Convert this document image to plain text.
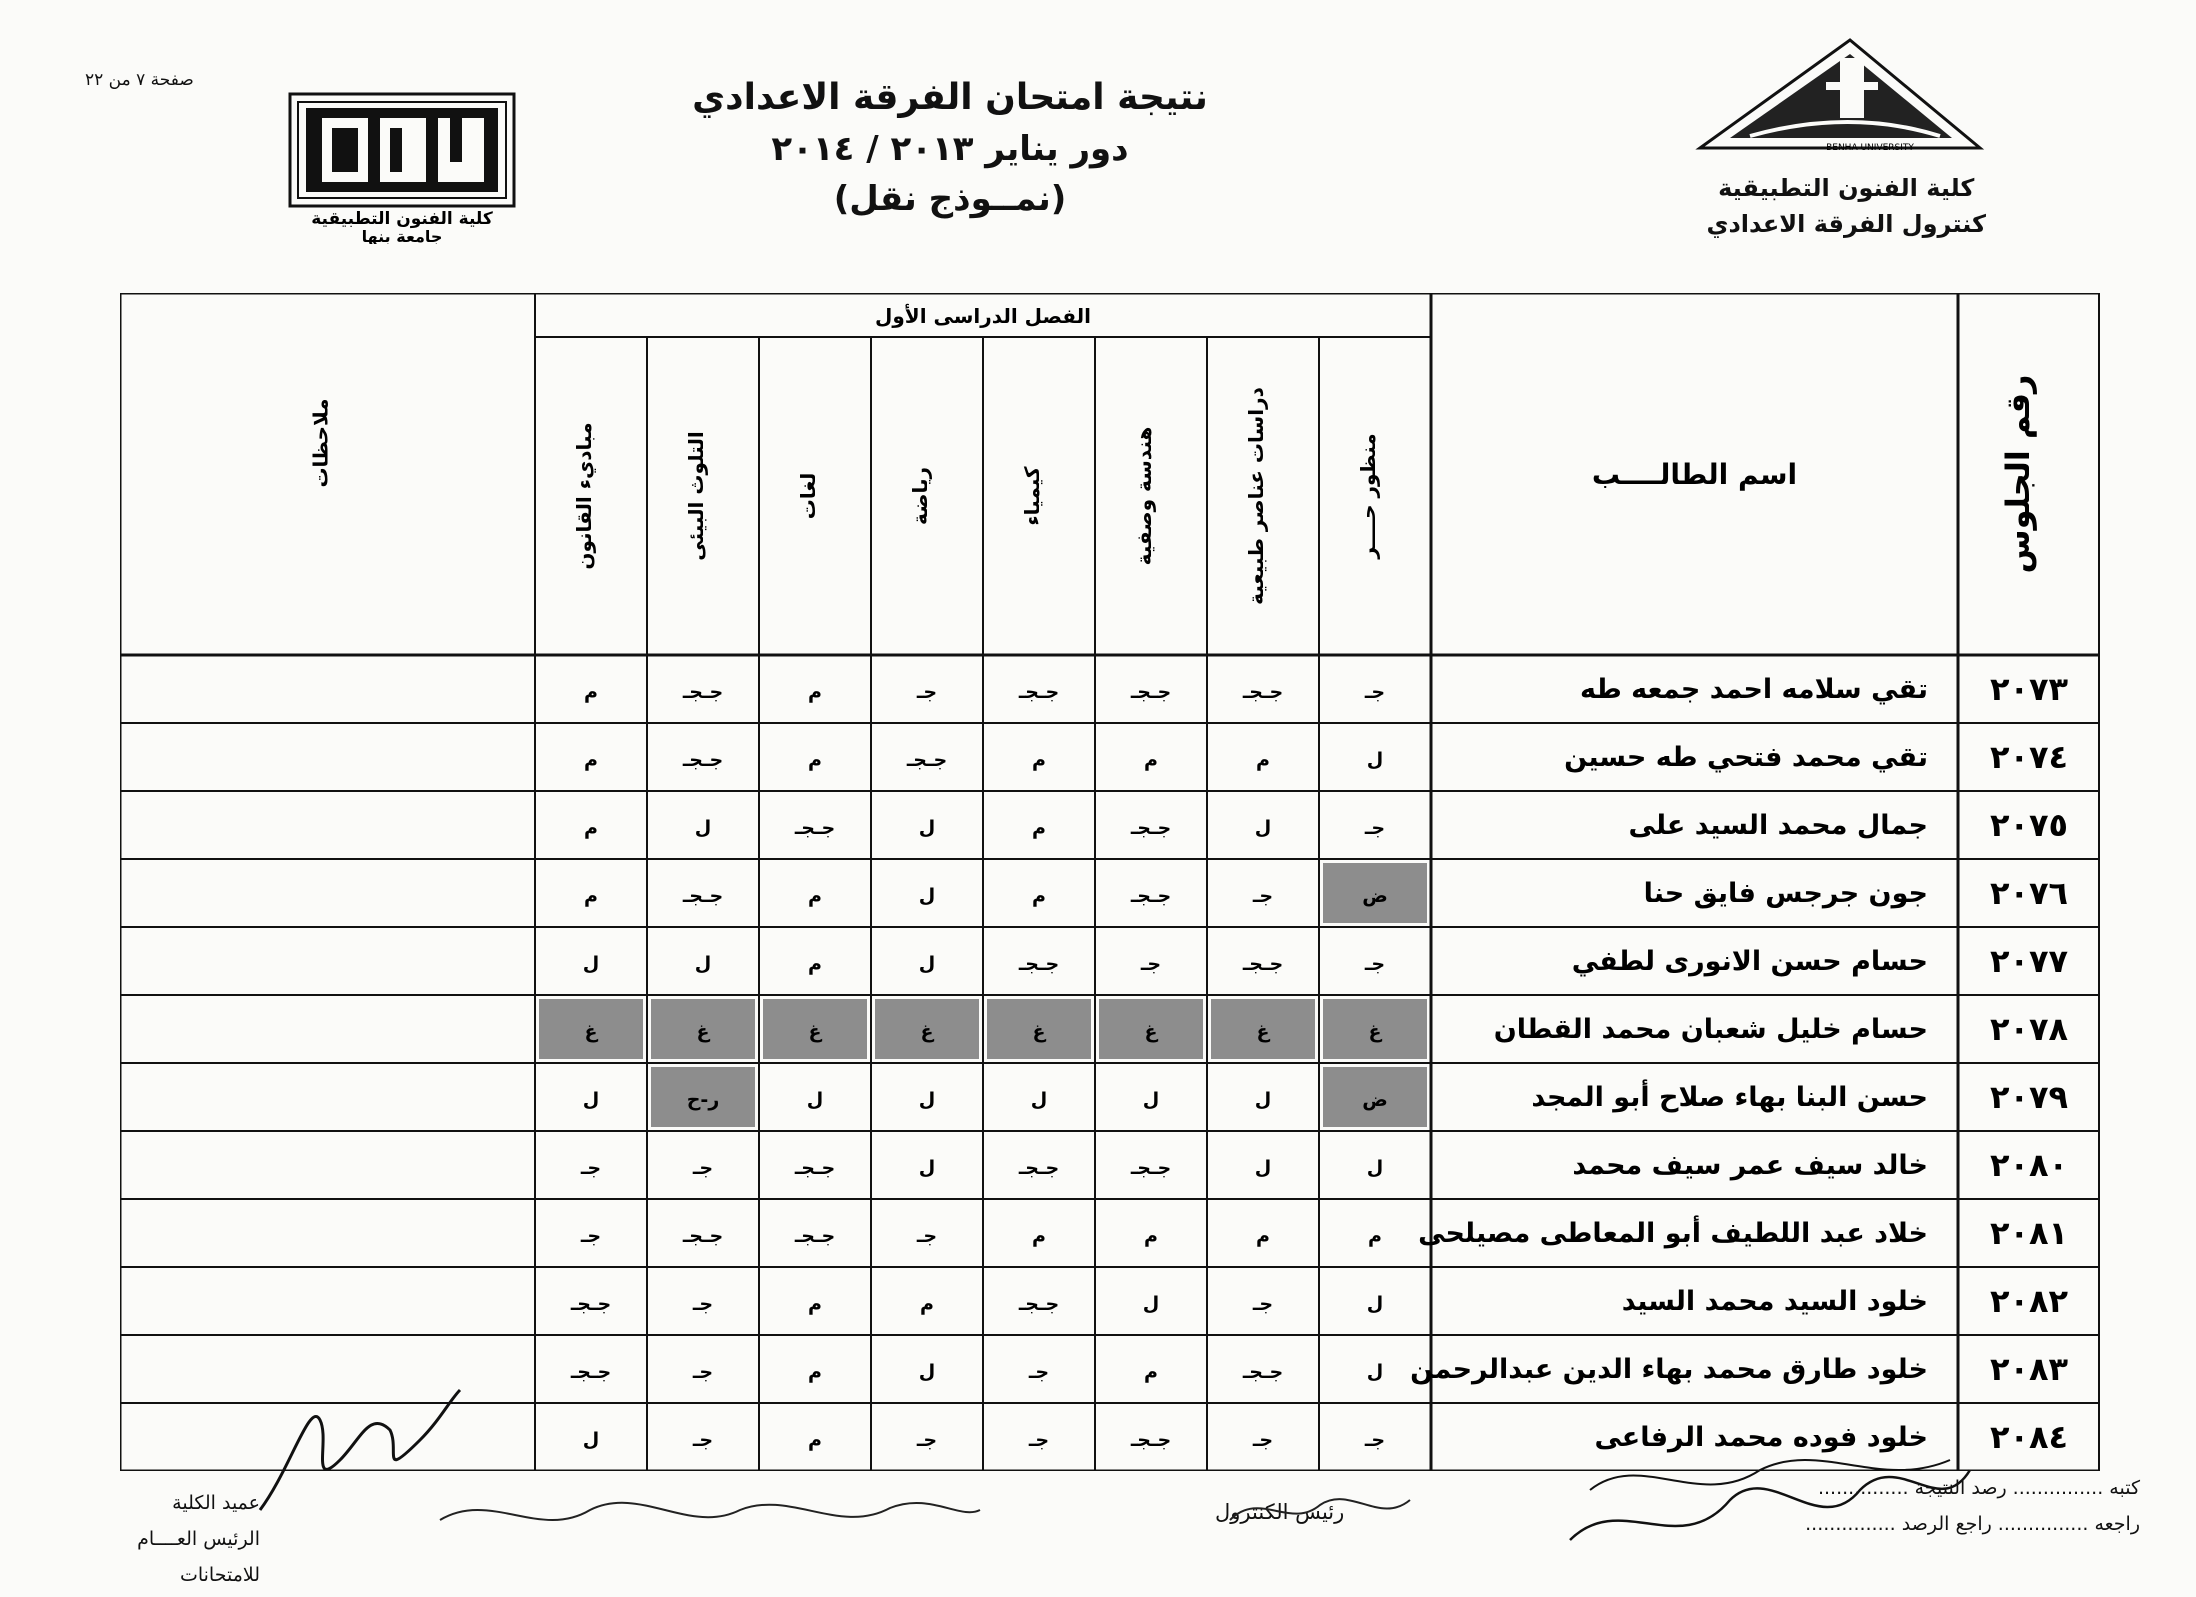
صفحة ٧ من ٢٢
كلية الفنون التطبيقية
جامعة بنها
BENHA UNIVERSITY
نتيجة امتحان الفرقة الاعدادي
دور يناير ٢٠١٣ / ٢٠١٤
(نمــوذج نقل)	كلية الفنون التطبيقية
كنترول الفرقة الاعدادي
رقم الجلوس
اسم الطالــــب
الفصل الدراسى الأول
ملاحظات	منظور حــــر
دراسات عناصر طبيعية
هندسة وصفية
كيمياء
رياضة
لغات
التلوث البيئى
مباديء القانون
٢٠٧٣
تقي سلامه احمد جمعه طه
جـ
جـجـ
جـجـ
جـجـ
جـ
م
جـجـ
م
٢٠٧٤
تقي محمد فتحي طه حسين
ل
م
م
م
جـجـ
م
جـجـ
م
٢٠٧٥
جمال محمد السيد على
جـ
ل
جـجـ
م
ل
جـجـ
ل
م
٢٠٧٦
جون جرجس فايق حنا
ض
جـ
جـجـ
م
ل
م
جـجـ
م
٢٠٧٧
حسام حسن الانورى لطفي
جـ
جـجـ
جـ
جـجـ
ل
م
ل
ل
٢٠٧٨
حسام خليل شعبان محمد القطان
غ
غ
غ
غ
غ
غ
غ
غ
٢٠٧٩
حسن البنا بهاء صلاح أبو المجد
ض
ل
ل
ل
ل
ل
ر-ح
ل
٢٠٨٠
خالد سيف عمر سيف محمد
ل
ل
جـجـ
جـجـ
ل
جـجـ
جـ
جـ
٢٠٨١
خلاد عبد اللطيف أبو المعاطى مصيلحى
م
م
م
م
جـ
جـجـ
جـجـ
جـ
٢٠٨٢
خلود السيد محمد السيد
ل
جـ
ل
جـجـ
م
م
جـ
جـجـ
٢٠٨٣
خلود طارق محمد بهاء الدين عبدالرحمن
ل
جـجـ
م
جـ
ل
م
جـ
جـجـ
٢٠٨٤
خلود فوده محمد الرفاعى
جـ
جـ
جـجـ
جـ
جـ
م
جـ
ل
عميد الكلية
الرئيس العــــام للامتحانات
رئيس الكنترول
كتبه ............... رصد النتيجة ...............
راجعه ............... راجع الرصد ...............
